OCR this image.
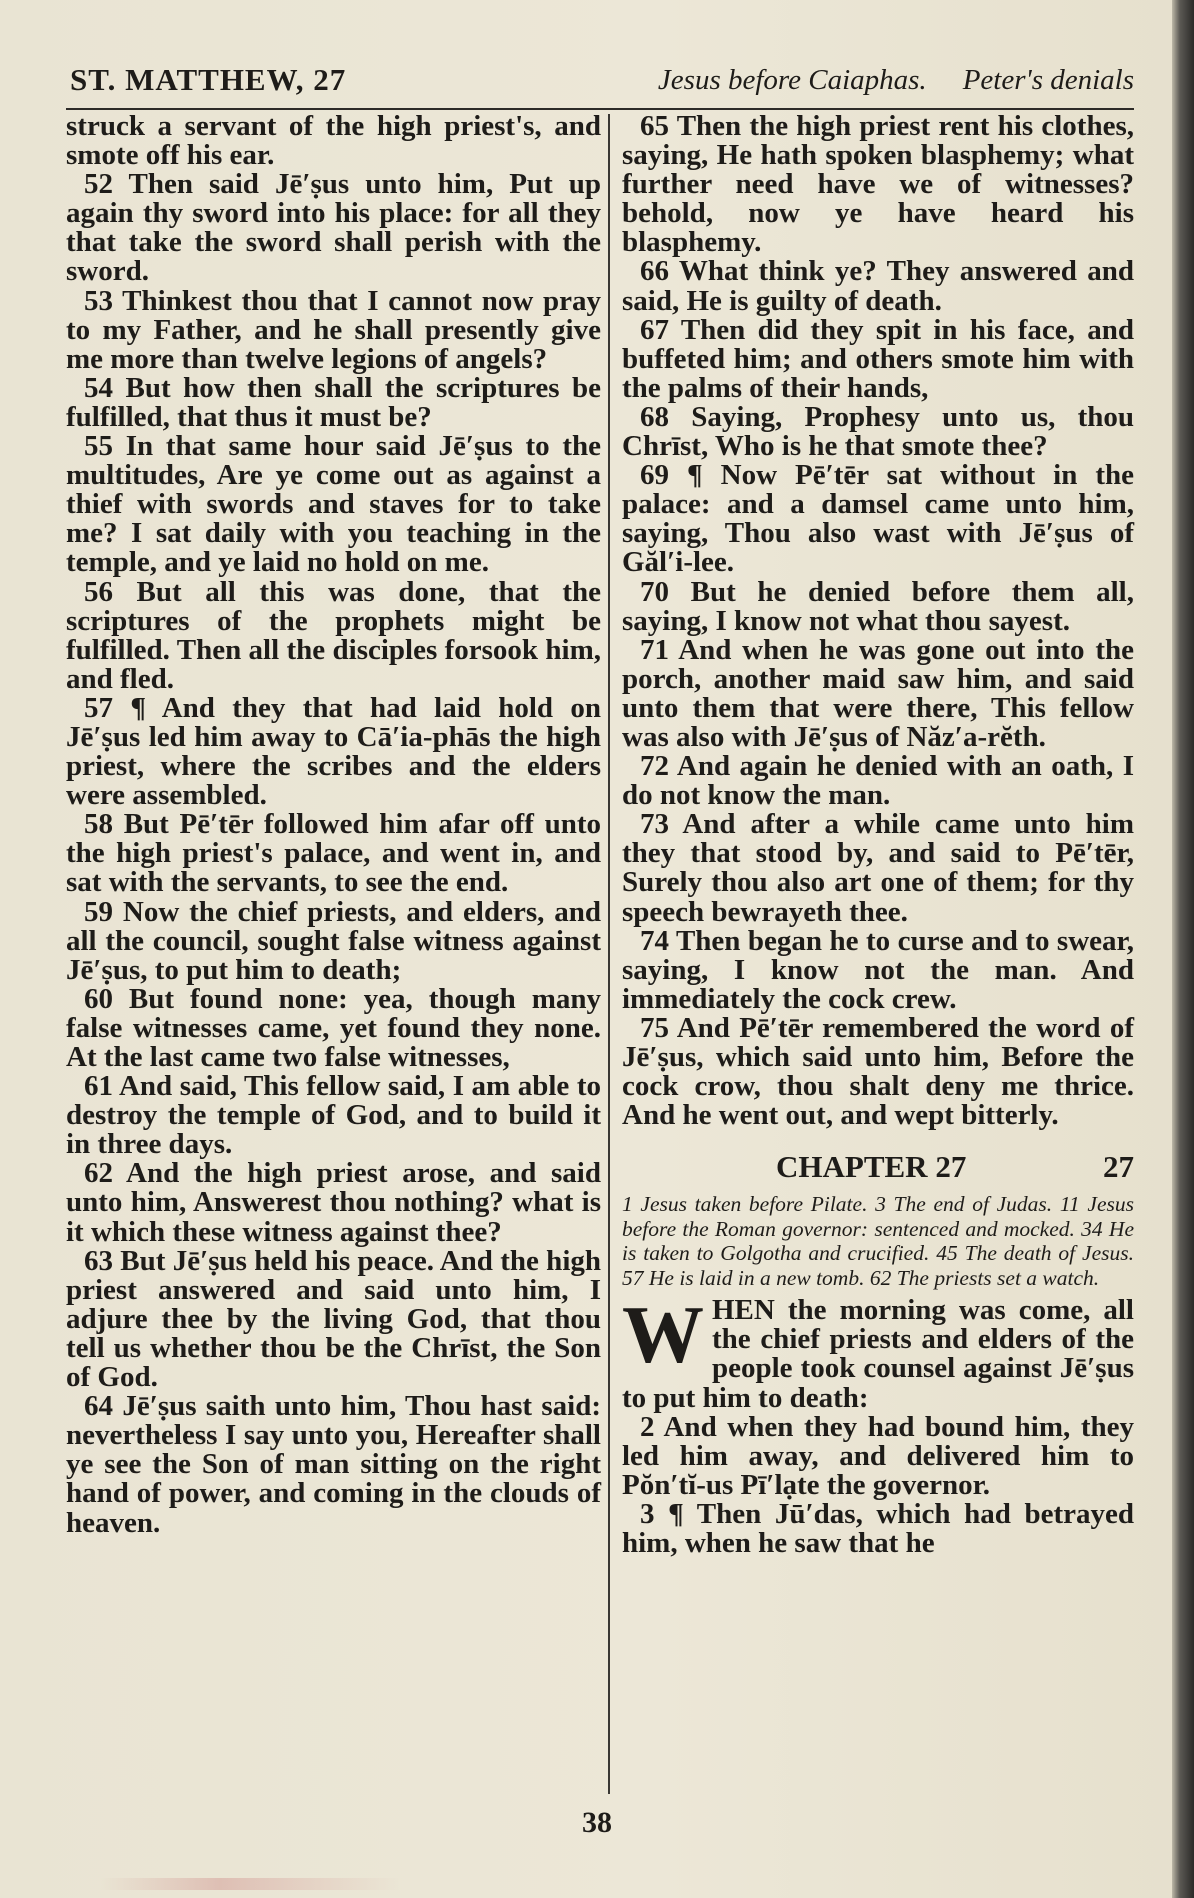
ST. MATTHEW, 27	Jesus before Caiaphas. Peter's denials

struck a servant of the high priest's, and smote off his ear.

52 Then said Jē′ṣus unto him, Put up again thy sword into his place: for all they that take the sword shall perish with the sword.

53 Thinkest thou that I cannot now pray to my Father, and he shall presently give me more than twelve legions of angels?

54 But how then shall the scriptures be fulfilled, that thus it must be?

55 In that same hour said Jē′ṣus to the multitudes, Are ye come out as against a thief with swords and staves for to take me? I sat daily with you teaching in the temple, and ye laid no hold on me.

56 But all this was done, that the scriptures of the prophets might be fulfilled. Then all the disciples forsook him, and fled.

57 ¶ And they that had laid hold on Jē′ṣus led him away to Cā′ia-phās the high priest, where the scribes and the elders were assembled.

58 But Pē′tēr followed him afar off unto the high priest's palace, and went in, and sat with the servants, to see the end.

59 Now the chief priests, and elders, and all the council, sought false witness against Jē′ṣus, to put him to death;

60 But found none: yea, though many false witnesses came, yet found they none. At the last came two false witnesses,

61 And said, This fellow said, I am able to destroy the temple of God, and to build it in three days.

62 And the high priest arose, and said unto him, Answerest thou nothing? what is it which these witness against thee?

63 But Jē′ṣus held his peace. And the high priest answered and said unto him, I adjure thee by the living God, that thou tell us whether thou be the Chrīst, the Son of God.

64 Jē′ṣus saith unto him, Thou hast said: nevertheless I say unto you, Hereafter shall ye see the Son of man sitting on the right hand of power, and coming in the clouds of heaven.

65 Then the high priest rent his clothes, saying, He hath spoken blasphemy; what further need have we of witnesses? behold, now ye have heard his blasphemy.

66 What think ye? They answered and said, He is guilty of death.

67 Then did they spit in his face, and buffeted him; and others smote him with the palms of their hands,

68 Saying, Prophesy unto us, thou Chrīst, Who is he that smote thee?

69 ¶ Now Pē′tēr sat without in the palace: and a damsel came unto him, saying, Thou also wast with Jē′ṣus of Găl′i-lee.

70 But he denied before them all, saying, I know not what thou sayest.

71 And when he was gone out into the porch, another maid saw him, and said unto them that were there, This fellow was also with Jē′ṣus of Năz′a-rĕth.

72 And again he denied with an oath, I do not know the man.

73 And after a while came unto him they that stood by, and said to Pē′tēr, Surely thou also art one of them; for thy speech bewrayeth thee.

74 Then began he to curse and to swear, saying, I know not the man. And immediately the cock crew.

75 And Pē′tēr remembered the word of Jē′ṣus, which said unto him, Before the cock crow, thou shalt deny me thrice. And he went out, and wept bitterly.

CHAPTER 27	27

1 Jesus taken before Pilate. 3 The end of Judas. 11 Jesus before the Roman governor: sentenced and mocked. 34 He is taken to Golgotha and crucified. 45 The death of Jesus. 57 He is laid in a new tomb. 62 The priests set a watch.

W HEN the morning was come, all the chief priests and elders of the people took counsel against Jē′ṣus to put him to death:

2 And when they had bound him, they led him away, and delivered him to Pŏn′tĭ-us Pī′lạte the governor.

3 ¶ Then Jū′das, which had betrayed him, when he saw that he

38
